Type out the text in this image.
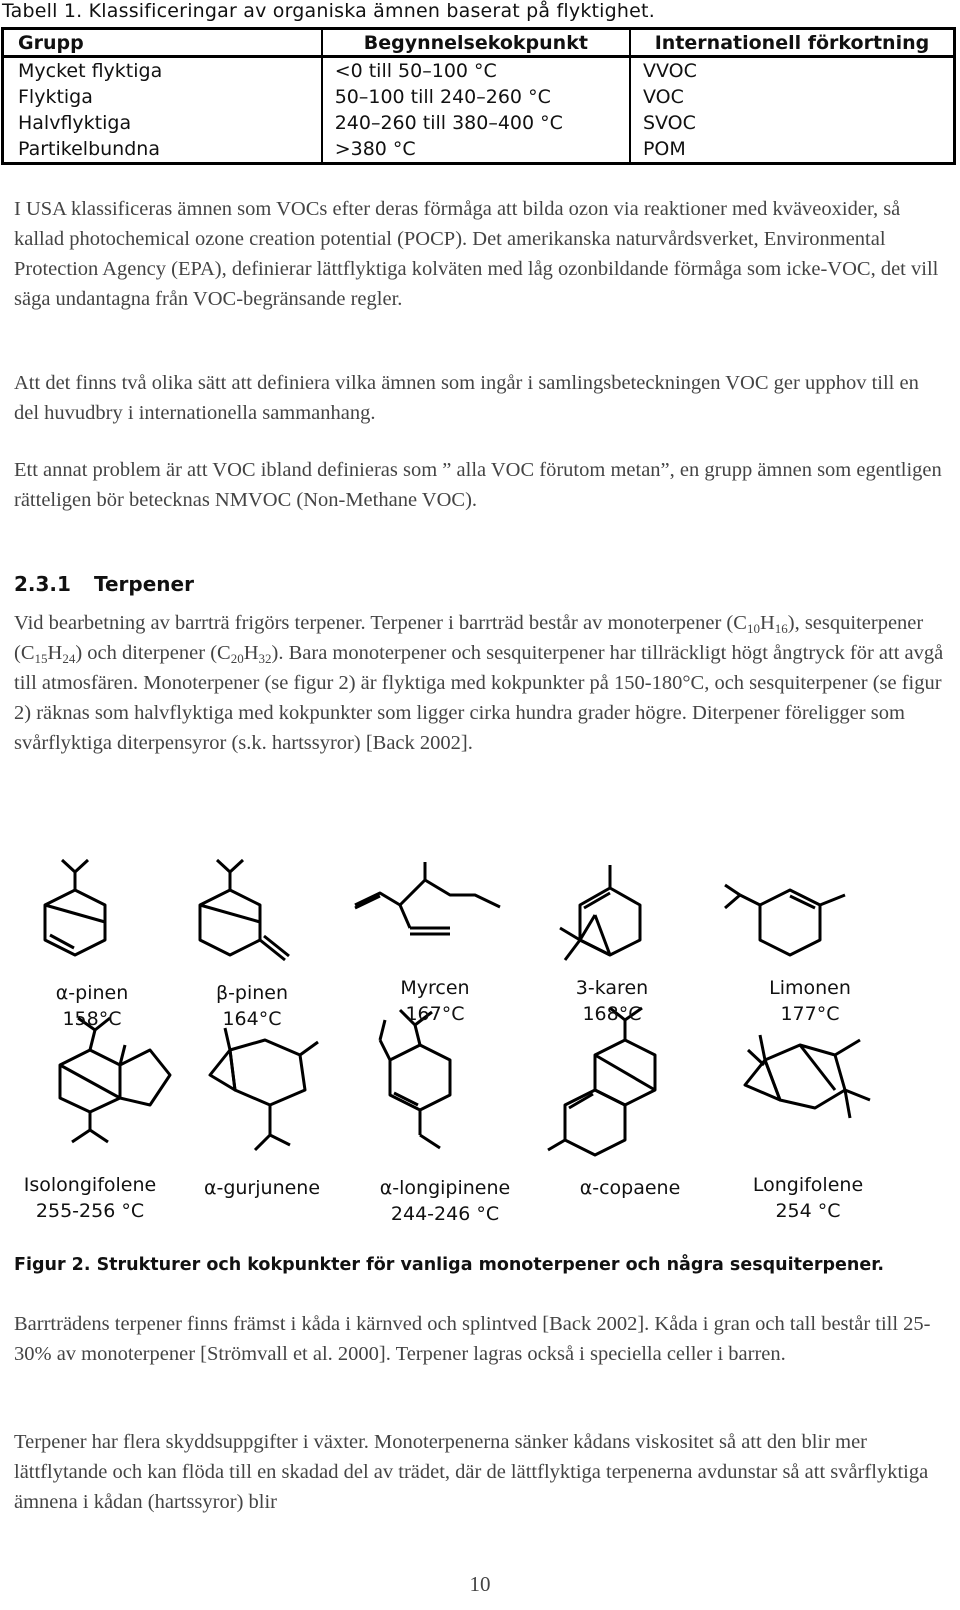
Tabell 1. Klassificeringar av organiska ämnen baserat på flyktighet.
Grupp	Begynnelsekokpunkt	Internationell förkortning
Mycket flyktiga	<0 till 50–100 °C	VVOC
Flyktiga	50–100 till 240–260 °C	VOC
Halvflyktiga	240–260 till 380–400 °C	SVOC
Partikelbundna	>380 °C	POM

I USA klassificeras ämnen som VOCs efter deras förmåga att bilda ozon via reaktioner med kväveoxider, så kallad photochemical ozone creation potential (POCP). Det amerikanska naturvårdsverket, Environmental Protection Agency (EPA), definierar lättflyktiga kolväten med låg ozonbildande förmåga som icke-VOC, det vill säga undantagna från VOC-begränsande regler.

Att det finns två olika sätt att definiera vilka ämnen som ingår i samlingsbeteckningen VOC ger upphov till en del huvudbry i internationella sammanhang.

Ett annat problem är att VOC ibland definieras som ” alla VOC förutom metan”, en grupp ämnen som egentligen rätteligen bör betecknas NMVOC (Non-Methane VOC).

2.3.1 Terpener

Vid bearbetning av barrträ frigörs terpener. Terpener i barrträd består av monoterpener $(C_{10}H_{16})$, sesquiterpener $(C_{15}H_{24})$ och diterpener $(C_{20}H_{32})$. Bara monoterpener och sesquiterpener har tillräckligt högt ångtryck för att avgå till atmosfären. Monoterpener (se figur 2) är flyktiga med kokpunkter på 150-180°C, och sesquiterpener (se figur 2) räknas som halvflyktiga med kokpunkter som ligger cirka hundra grader högre. Diterpener föreligger som svårflyktiga diterpensyror (s.k. hartssyror) [Back 2002].

α-pinen
158°C
β-pinen
164°C
Myrcen
167°C
3-karen
168°C
Limonen
177°C
Isolongifolene
255-256 °C
α-gurjunene	α-longipinene
244-246 °C
α-copaene	Longifolene
254 °C
Figur 2. Strukturer och kokpunkter för vanliga monoterpener och några sesquiterpener.

Barrträdens terpener finns främst i kåda i kärnved och splintved [Back 2002]. Kåda i gran och tall består till 25-30% av monoterpener [Strömvall et al. 2000]. Terpener lagras också i speciella celler i barren.

Terpener har flera skyddsuppgifter i växter. Monoterpenerna sänker kådans viskositet så att den blir mer lättflytande och kan flöda till en skadad del av trädet, där de lättflyktiga terpenerna avdunstar så att svårflyktiga ämnena i kådan (hartssyror) blir

10
